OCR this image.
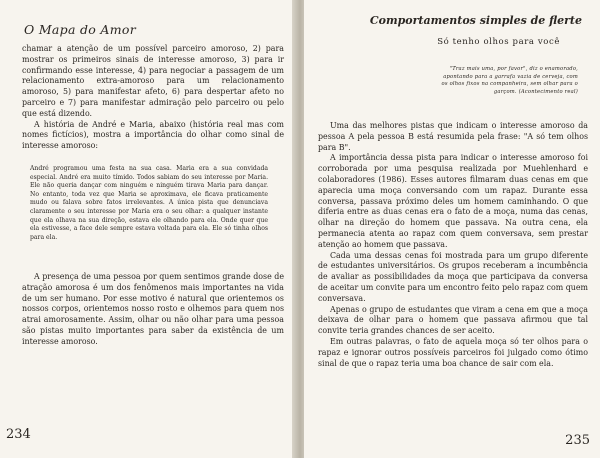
O Mapa do Amor

chamar a atenção de um possível parceiro amoroso, 2) para mostrar os primeiros sinais de interesse amoroso, 3) para ir confirmando esse interesse, 4) para negociar a passagem de um relacionamento extra-amoroso para um relacionamento amoroso, 5) para manifestar afeto, 6) para despertar afeto no parceiro e 7) para manifestar admiração pelo parceiro ou pelo que está dizendo.

A história de André e Maria, abaixo (história real mas com nomes fictícios), mostra a importância do olhar como sinal de interesse amoroso:

André programou uma festa na sua casa. Maria era a sua convidada especial. André era muito tímido. Todos sabiam do seu interesse por Maria. Ele não queria dançar com ninguém e ninguém tirava Maria para dançar. No entanto, toda vez que Maria se aproximava, ele ficava praticamente mudo ou falava sobre fatos irrelevantes. A única pista que denunciava claramente o seu interesse por Maria era o seu olhar: a qualquer instante que ela olhava na sua direção, estava ele olhando para ela. Onde quer que ela estivesse, a face dele sempre estava voltada para ela. Ele só tinha olhos para ela.

A presença de uma pessoa por quem sentimos grande dose de atração amorosa é um dos fenômenos mais importantes na vida de um ser humano. Por esse motivo é natural que orientemos os nossos corpos, orientemos nosso rosto e olhemos para quem nos atrai amorosamente. Assim, olhar ou não olhar para uma pessoa são pistas muito importantes para saber da existência de um interesse amoroso.

234
Comportamentos simples de flerte
Só tenho olhos para você
"Traz mais uma, por favor", diz o enamorado, apontando para a garrafa vazia de cerveja, com os olhos fixos na companheira, sem olhar para o garçom. (Acontecimento real)

Uma das melhores pistas que indicam o interesse amoroso da pessoa A pela pessoa B está resumida pela frase: "A só tem olhos para B".

A importância dessa pista para indicar o interesse amoroso foi corroborada por uma pesquisa realizada por Muehlenhard e colaboradores (1986). Esses autores filmaram duas cenas em que aparecia uma moça conversando com um rapaz. Durante essa conversa, passava próximo deles um homem caminhando. O que diferia entre as duas cenas era o fato de a moça, numa das cenas, olhar na direção do homem que passava. Na outra cena, ela permanecia atenta ao rapaz com quem conversava, sem prestar atenção ao homem que passava.

Cada uma dessas cenas foi mostrada para um grupo diferente de estudantes universitários. Os grupos receberam a incumbência de avaliar as possibilidades da moça que participava da conversa de aceitar um convite para um encontro feito pelo rapaz com quem conversava.

Apenas o grupo de estudantes que viram a cena em que a moça deixava de olhar para o homem que passava afirmou que tal convite teria grandes chances de ser aceito.

Em outras palavras, o fato de aquela moça só ter olhos para o rapaz e ignorar outros possíveis parceiros foi julgado como ótimo sinal de que o rapaz teria uma boa chance de sair com ela.

235
